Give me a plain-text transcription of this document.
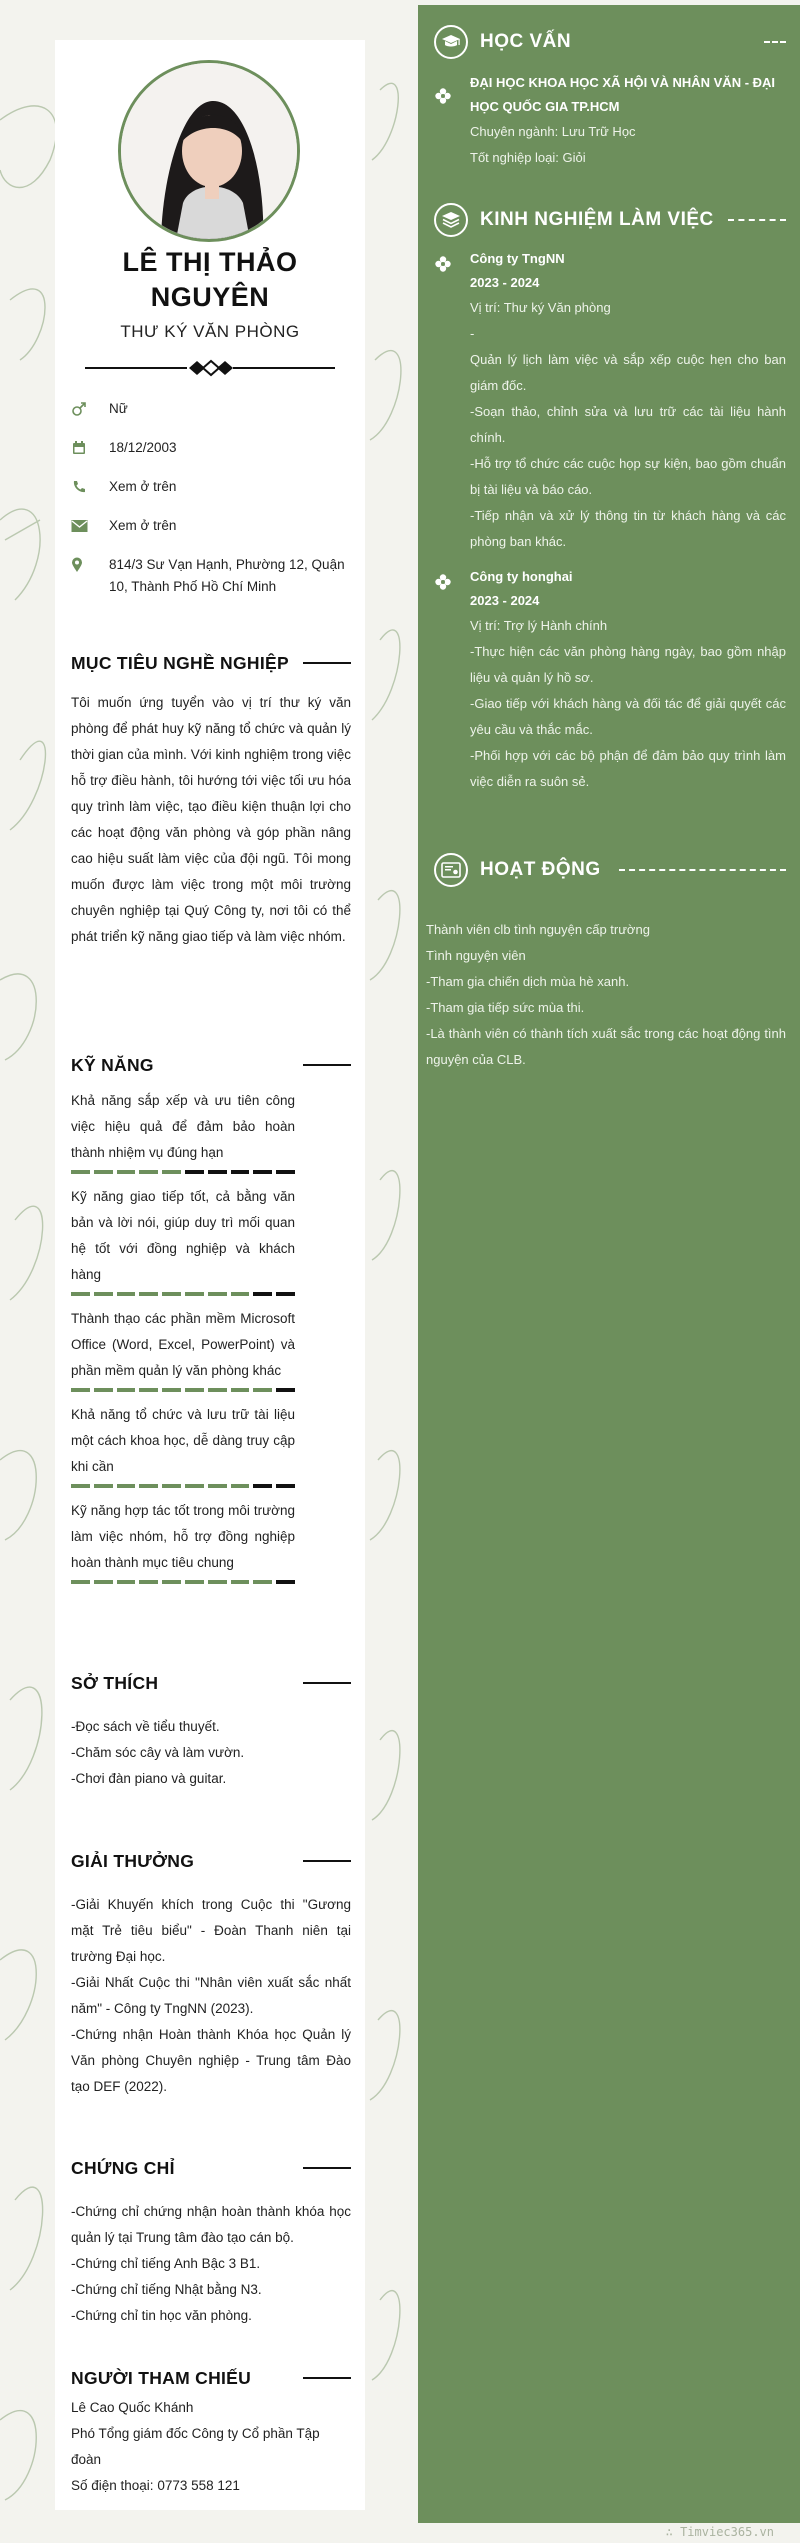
LÊ THỊ THẢO
NGUYÊN
THƯ KÝ VĂN PHÒNG
Nữ
18/12/2003
Xem ở trên
Xem ở trên
814/3 Sư Vạn Hạnh, Phường 12, Quận 10, Thành Phố Hồ Chí Minh
MỤC TIÊU NGHỀ NGHIỆP

Tôi muốn ứng tuyển vào vị trí thư ký văn phòng để phát huy kỹ năng tổ chức và quản lý thời gian của mình. Với kinh nghiệm trong việc hỗ trợ điều hành, tôi hướng tới việc tối ưu hóa quy trình làm việc, tạo điều kiện thuận lợi cho các hoạt động văn phòng và góp phần nâng cao hiệu suất làm việc của đội ngũ. Tôi mong muốn được làm việc trong một môi trường chuyên nghiệp tại Quý Công ty, nơi tôi có thể phát triển kỹ năng giao tiếp và làm việc nhóm.

KỸ NĂNG

Khả năng sắp xếp và ưu tiên công việc hiệu quả để đảm bảo hoàn thành nhiệm vụ đúng hạn

Kỹ năng giao tiếp tốt, cả bằng văn bản và lời nói, giúp duy trì mối quan hệ tốt với đồng nghiệp và khách hàng

Thành thạo các phần mềm Microsoft Office (Word, Excel, PowerPoint) và phần mềm quản lý văn phòng khác

Khả năng tổ chức và lưu trữ tài liệu một cách khoa học, dễ dàng truy cập khi cần

Kỹ năng hợp tác tốt trong môi trường làm việc nhóm, hỗ trợ đồng nghiệp hoàn thành mục tiêu chung

SỞ THÍCH

-Đọc sách về tiểu thuyết.

-Chăm sóc cây và làm vườn.

-Chơi đàn piano và guitar.

GIẢI THƯỞNG

-Giải Khuyến khích trong Cuộc thi "Gương mặt Trẻ tiêu biểu" - Đoàn Thanh niên tại trường Đại học.

-Giải Nhất Cuộc thi "Nhân viên xuất sắc nhất năm" - Công ty TngNN (2023).

-Chứng nhận Hoàn thành Khóa học Quản lý Văn phòng Chuyên nghiệp - Trung tâm Đào tạo DEF (2022).

CHỨNG CHỈ

-Chứng chỉ chứng nhận hoàn thành khóa học quản lý tại Trung tâm đào tạo cán bộ.

-Chứng chỉ tiếng Anh Bậc 3 B1.

-Chứng chỉ tiếng Nhật bằng N3.

-Chứng chỉ tin học văn phòng.

NGƯỜI THAM CHIẾU

Lê Cao Quốc Khánh

Phó Tổng giám đốc Công ty Cổ phần Tập đoàn

Số điện thoại: 0773 558 121

HỌC VẤN

ĐẠI HỌC KHOA HỌC XÃ HỘI VÀ NHÂN VĂN - ĐẠI HỌC QUỐC GIA TP.HCM

Chuyên ngành: Lưu Trữ Học

Tốt nghiệp loại: Giỏi

KINH NGHIỆM LÀM VIỆC

Công ty TngNN

2023 - 2024

Vị trí: Thư ký Văn phòng

-

Quản lý lịch làm việc và sắp xếp cuộc hẹn cho ban giám đốc.

-Soạn thảo, chỉnh sửa và lưu trữ các tài liệu hành chính.

-Hỗ trợ tổ chức các cuộc họp sự kiện, bao gồm chuẩn bị tài liệu và báo cáo.

-Tiếp nhận và xử lý thông tin từ khách hàng và các phòng ban khác.

Công ty honghai

2023 - 2024

Vị trí: Trợ lý Hành chính

-Thực hiện các văn phòng hàng ngày, bao gồm nhập liệu và quản lý hồ sơ.

-Giao tiếp với khách hàng và đối tác để giải quyết các yêu cầu và thắc mắc.

-Phối hợp với các bộ phận để đảm bảo quy trình làm việc diễn ra suôn sẻ.

HOẠT ĐỘNG

Thành viên clb tình nguyện cấp trường

Tình nguyện viên

-Tham gia chiến dịch mùa hè xanh.

-Tham gia tiếp sức mùa thi.

-Là thành viên có thành tích xuất sắc trong các hoạt động tình nguyện của CLB.

∴ Timviec365.vn
